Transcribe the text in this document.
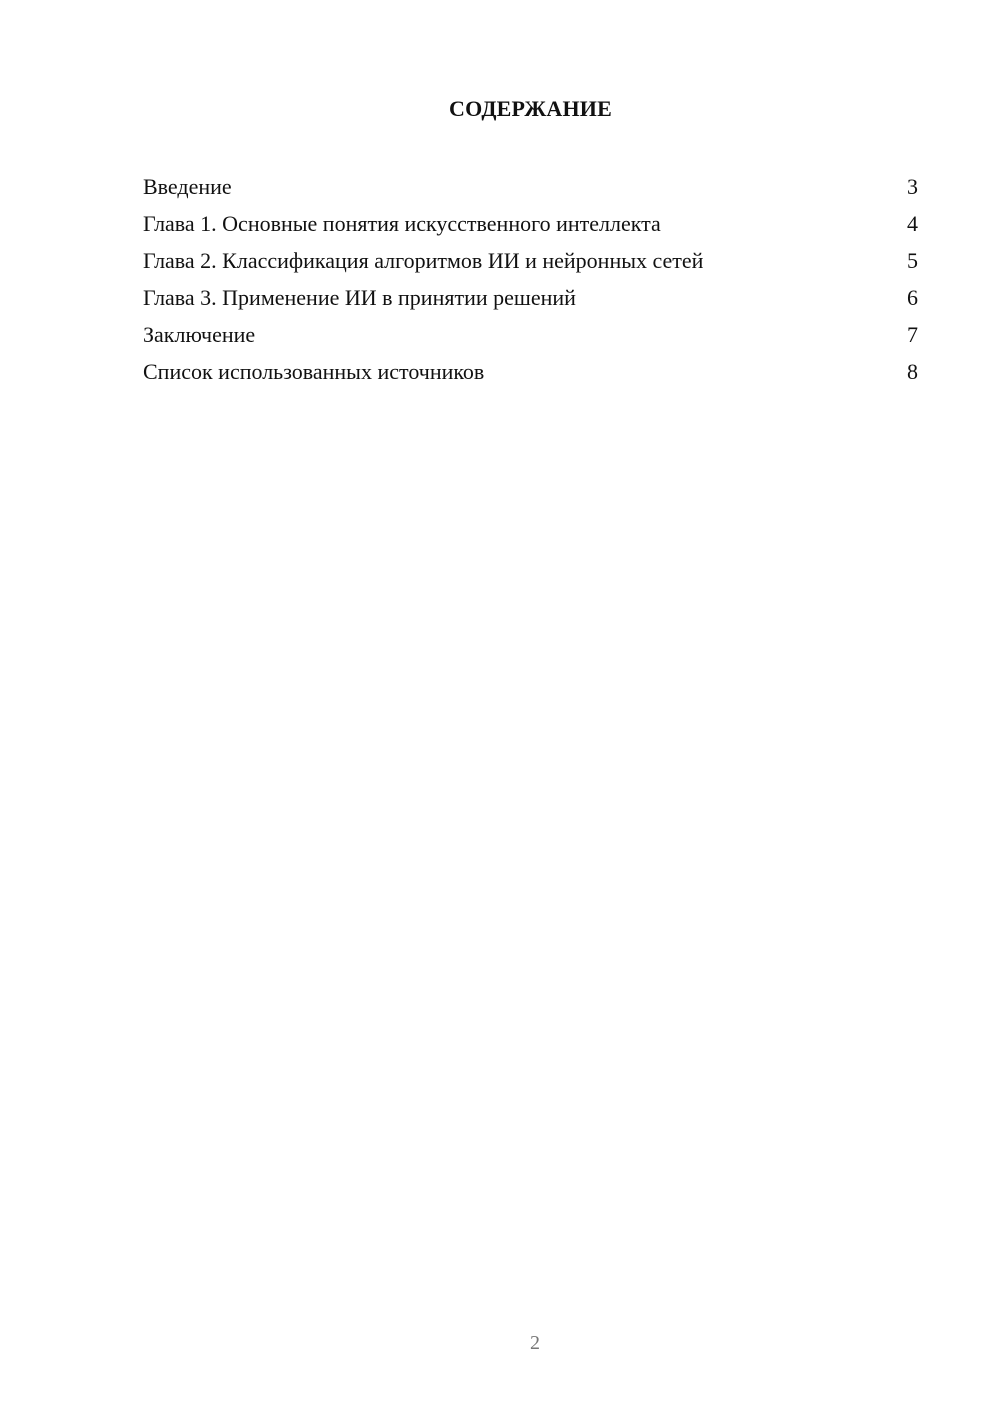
СОДЕРЖАНИЕ
Введение	3
Глава 1. Основные понятия искусственного интеллекта	4
Глава 2. Классификация алгоритмов ИИ и нейронных сетей	5
Глава 3. Применение ИИ в принятии решений	6
Заключение	7
Список использованных источников	8
2
